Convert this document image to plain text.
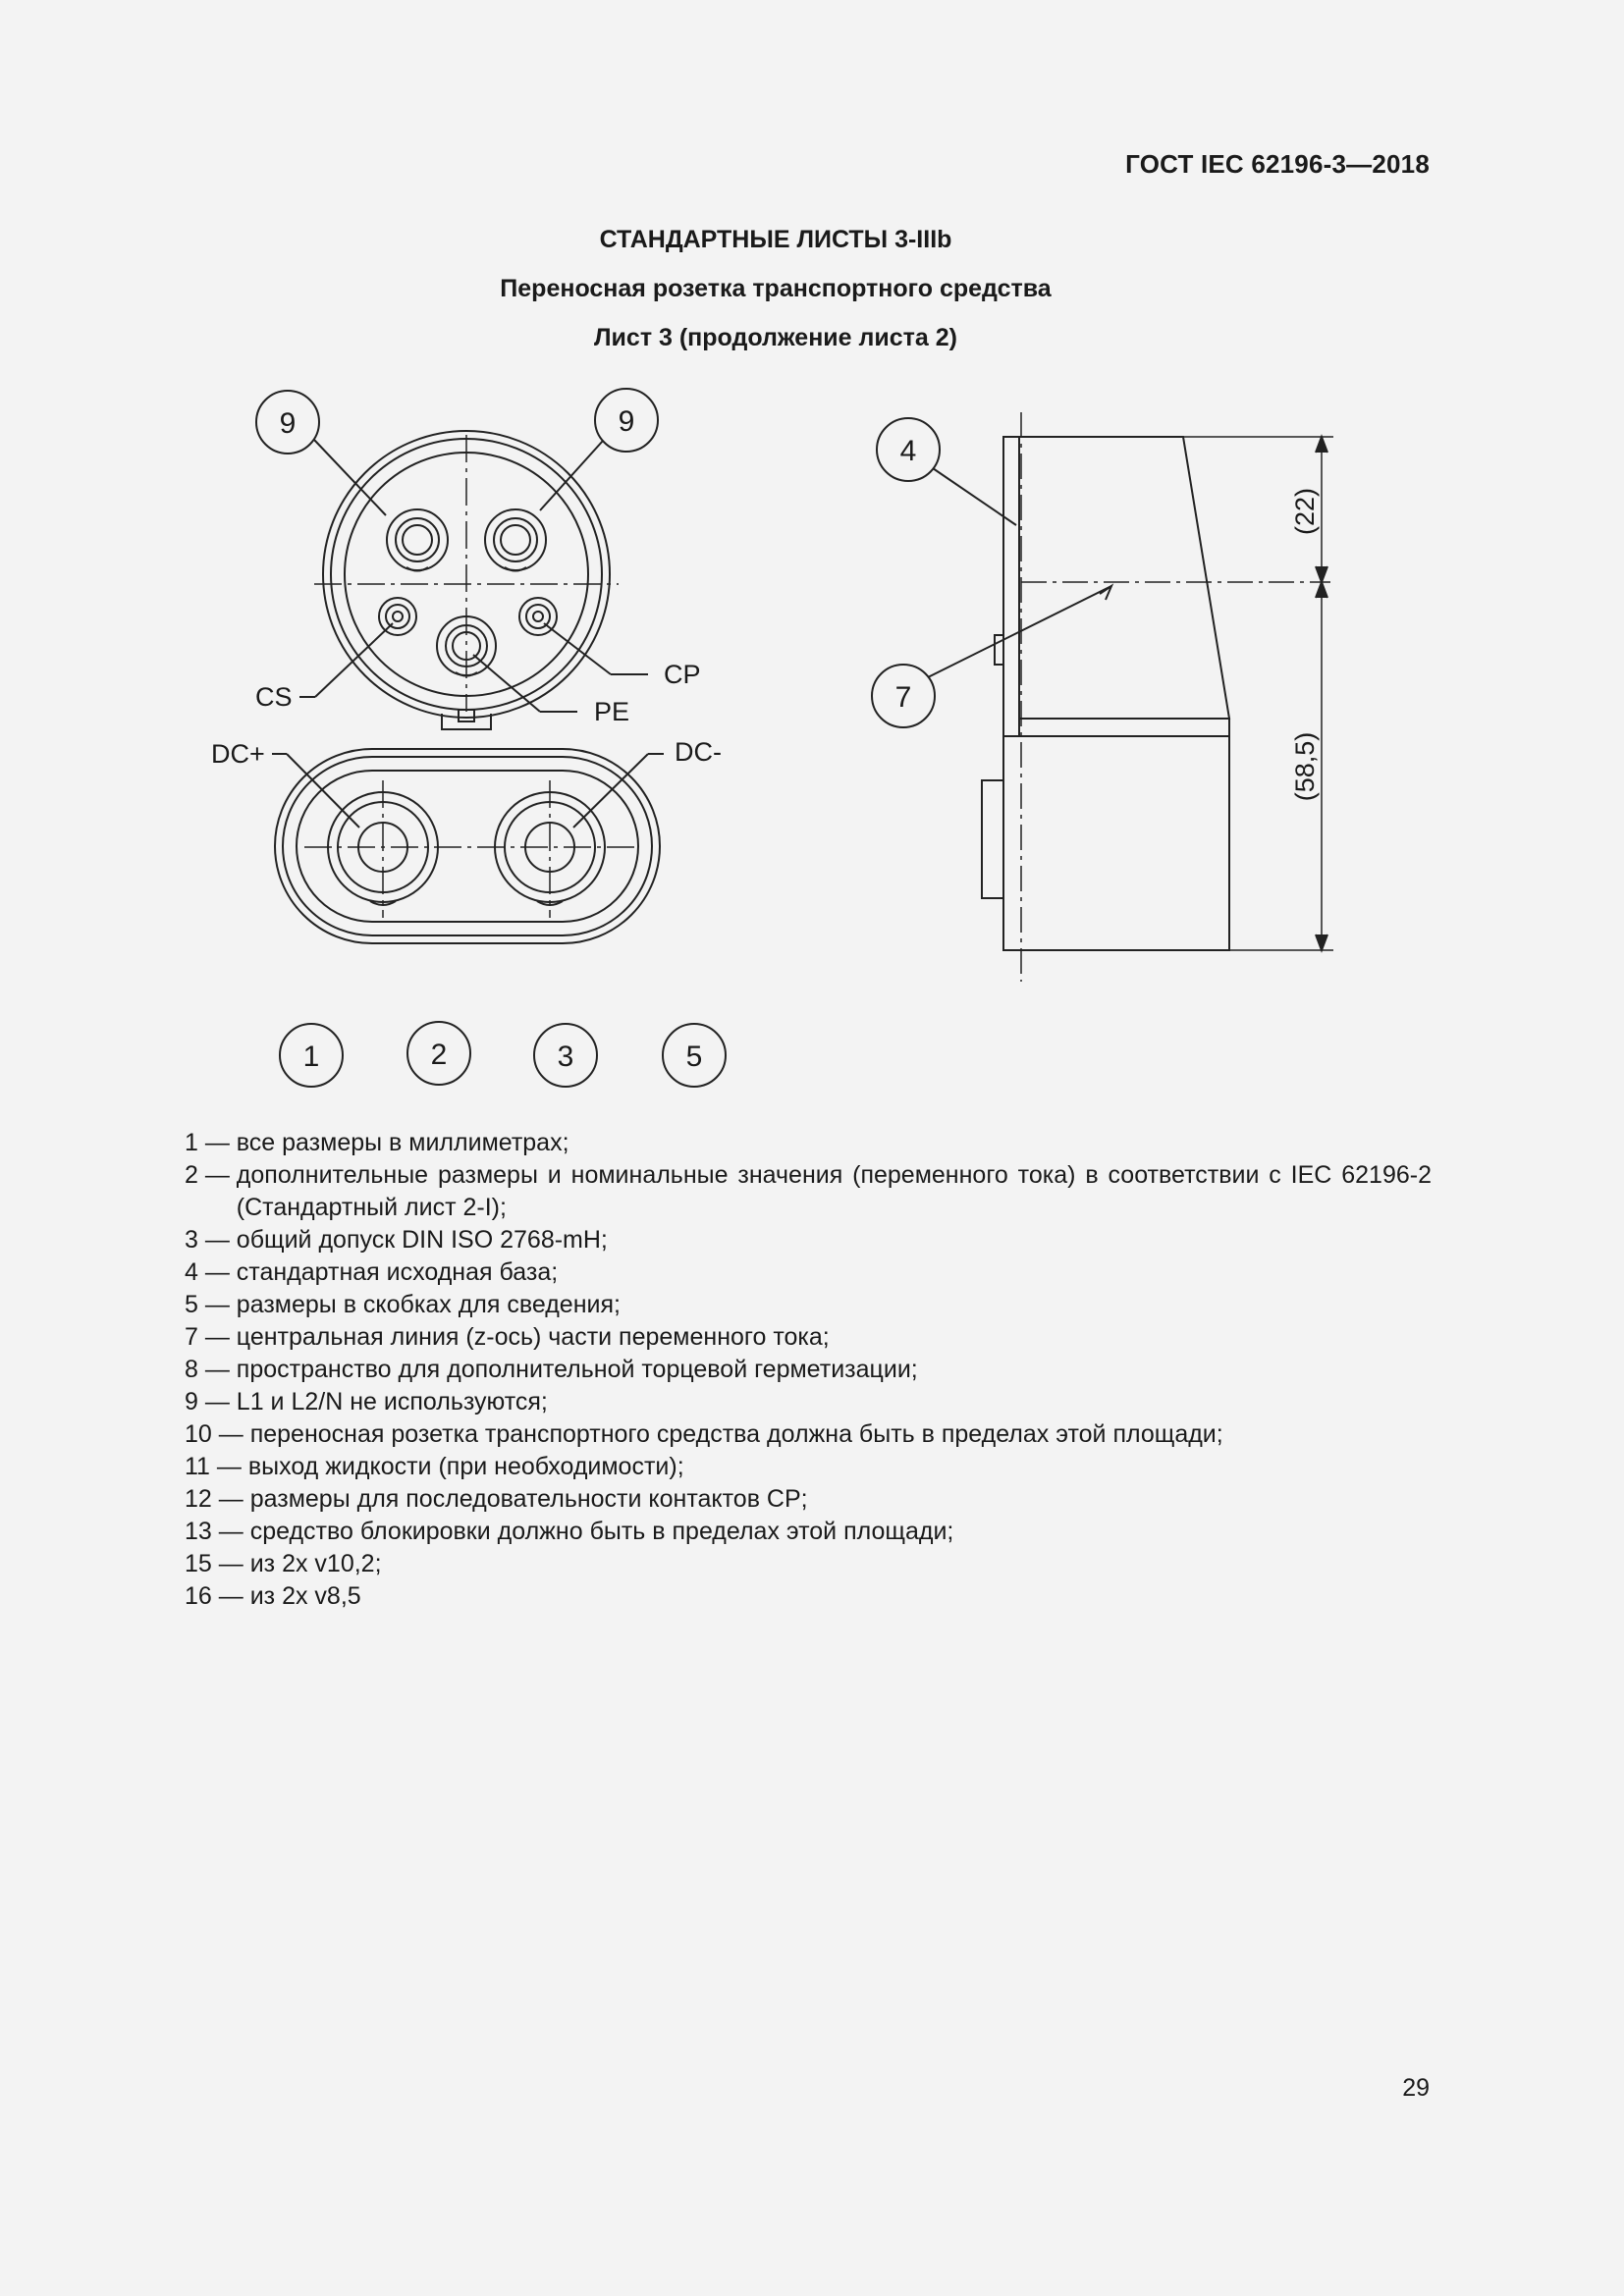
ГОСТ IEC 62196-3—2018
СТАНДАРТНЫЕ ЛИСТЫ 3-IIIb
Переносная розетка транспортного средства
Лист 3 (продолжение листа 2)
9	9
4
7
1	2	3	5
CS
CP
PE
DC+	DC-
(22)
(58,5)
1 — все размеры в миллиметрах;
2 — дополнительные размеры и номинальные значения (переменного тока) в соответствии с IEC 62196-2 (Стандартный лист 2-I);
3 — общий допуск DIN ISO 2768-mH;
4 — стандартная исходная база;
5 — размеры в скобках для сведения;
7 — центральная линия (z-ось) части переменного тока;
8 — пространство для дополнительной торцевой герметизации;
9 — L1 и L2/N не используются;
10 — переносная розетка транспортного средства должна быть в пределах этой площади;
11 — выход жидкости (при необходимости);
12 — размеры для последовательности контактов CP;
13 — средство блокировки должно быть в пределах этой площади;
15 — из 2x v10,2;
16 — из 2x v8,5
29
